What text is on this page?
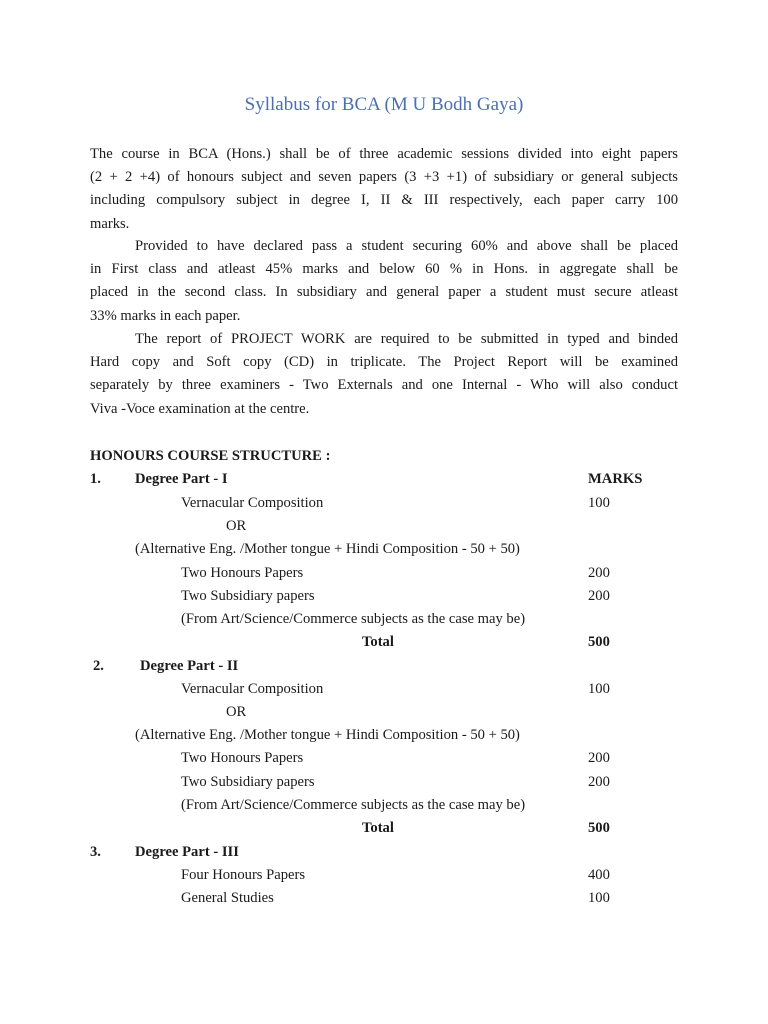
Syllabus for BCA (M U Bodh Gaya)
The course in BCA (Hons.) shall be of three academic sessions divided into eight papers
(2 + 2 +4) of honours subject and seven papers (3 +3 +1) of subsidiary or general subjects
including compulsory subject in degree I, II & III respectively, each paper carry 100
marks.
Provided to have declared pass a student securing 60% and above shall be placed
in First class and atleast 45% marks and below 60 % in Hons. in aggregate shall be
placed in the second class. In subsidiary and general paper a student must secure atleast
33% marks in each paper.
The report of PROJECT WORK are required to be submitted in typed and binded
Hard copy and Soft copy (CD) in triplicate. The Project Report will be examined
separately by three examiners - Two Externals and one Internal - Who will also conduct
Viva -Voce examination at the centre.
HONOURS COURSE STRUCTURE :
1. Degree Part - I	MARKS
Vernacular Composition	100
OR
(Alternative Eng. /Mother tongue + Hindi Composition - 50 + 50)
Two Honours Papers	200
Two Subsidiary papers	200
(From Art/Science/Commerce subjects as the case may be)
Total	500
2. Degree Part - II
Vernacular Composition	100
OR
(Alternative Eng. /Mother tongue + Hindi Composition - 50 + 50)
Two Honours Papers	200
Two Subsidiary papers	200
(From Art/Science/Commerce subjects as the case may be)
Total	500
3. Degree Part - III
Four Honours Papers	400
General Studies	100
